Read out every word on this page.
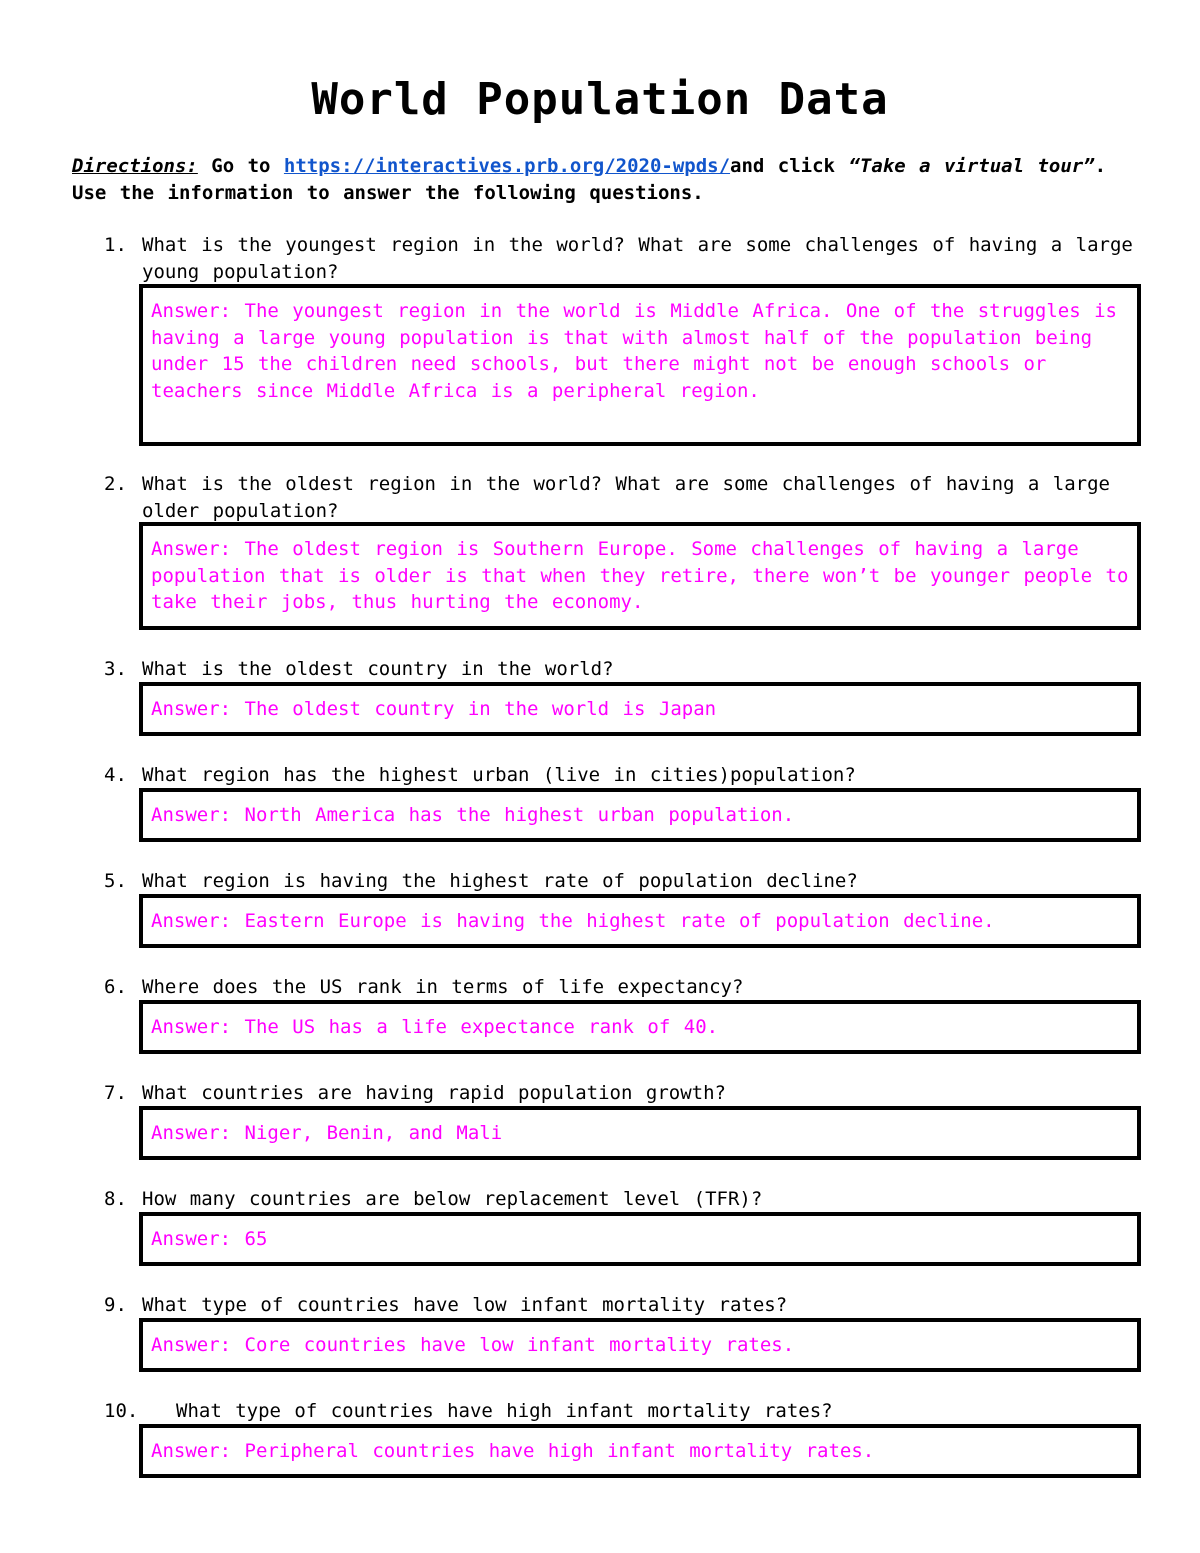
World Population Data
Directions: Go to https://interactives.prb.org/2020-wpds/and click “Take a virtual tour”. Use the information to answer the following questions.
1. What is the youngest region in the world? What are some challenges of having a large young population?
Answer: The youngest region in the world is Middle Africa. One of the struggles is having a large young population is that with almost half of the population being under 15 the children need schools, but there might not be enough schools or teachers since Middle Africa is a peripheral region.
2. What is the oldest region in the world? What are some challenges of having a large older population?
Answer: The oldest region is Southern Europe. Some challenges of having a large population that is older is that when they retire, there won’t be younger people to take their jobs, thus hurting the economy.
3. What is the oldest country in the world?
Answer: The oldest country in the world is Japan
4. What region has the highest urban (live in cities)population?
Answer: North America has the highest urban population.
5. What region is having the highest rate of population decline?
Answer: Eastern Europe is having the highest rate of population decline.
6. Where does the US rank in terms of life expectancy?
Answer: The US has a life expectance rank of 40.
7. What countries are having rapid population growth?
Answer: Niger, Benin, and Mali
8. How many countries are below replacement level (TFR)?
Answer: 65
9. What type of countries have low infant mortality rates?
Answer: Core countries have low infant mortality rates.
10. What type of countries have high infant mortality rates?
Answer: Peripheral countries have high infant mortality rates.
